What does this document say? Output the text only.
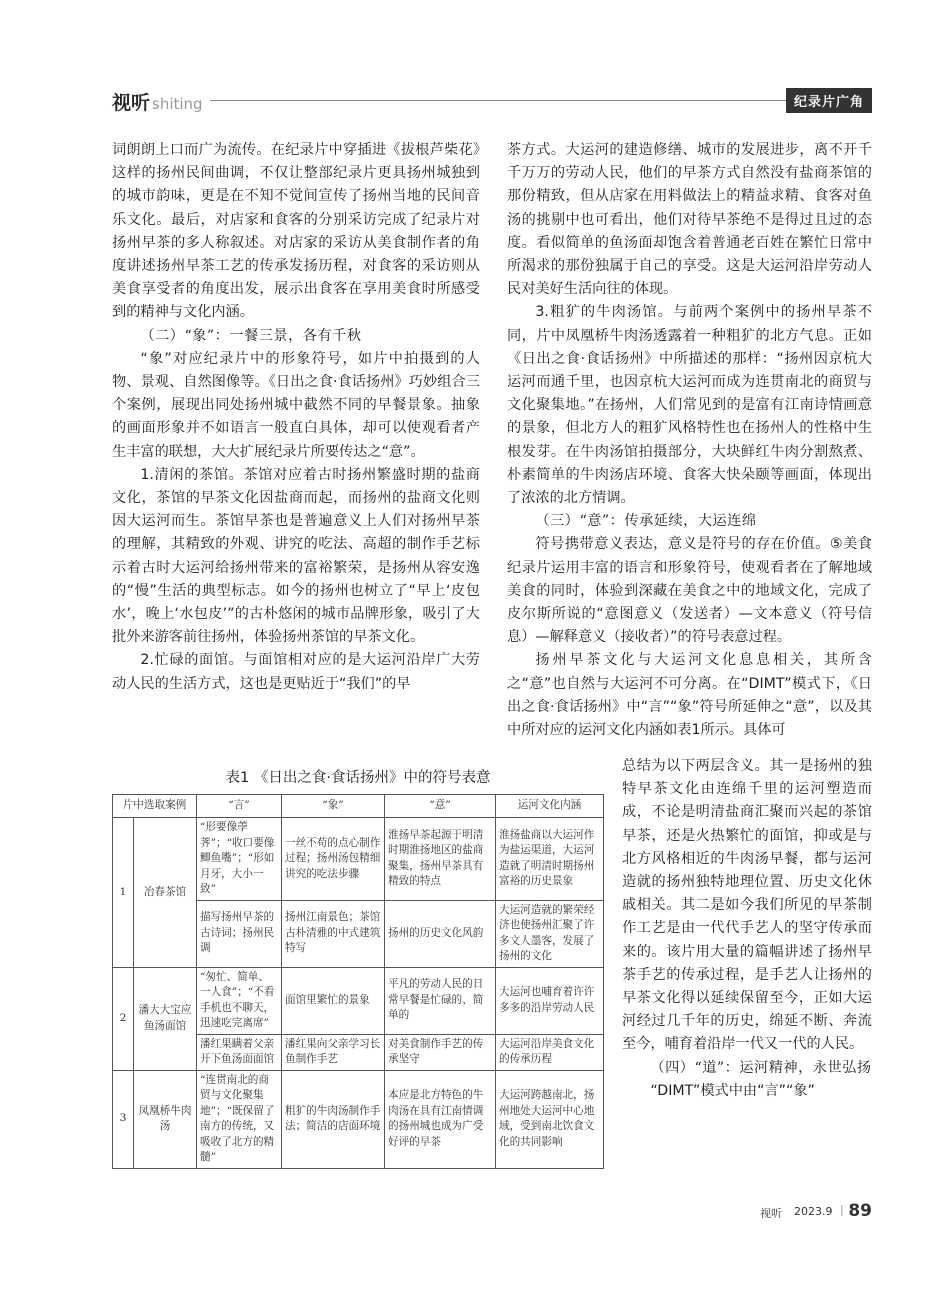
视听 shiting	纪录片广角

词朗朗上口而广为流传。在纪录片中穿插进《拔根芦柴花》这样的扬州民间曲调，不仅让整部纪录片更具扬州城独到的城市韵味，更是在不知不觉间宣传了扬州当地的民间音乐文化。最后，对店家和食客的分别采访完成了纪录片对扬州早茶的多人称叙述。对店家的采访从美食制作者的角度讲述扬州早茶工艺的传承发扬历程，对食客的采访则从美食享受者的角度出发，展示出食客在享用美食时所感受到的精神与文化内涵。

（二）“象”：一餐三景，各有千秋

“象”对应纪录片中的形象符号，如片中拍摄到的人物、景观、自然图像等。《日出之食·食话扬州》巧妙组合三个案例，展现出同处扬州城中截然不同的早餐景象。抽象的画面形象并不如语言一般直白具体，却可以使观看者产生丰富的联想，大大扩展纪录片所要传达之“意”。

1.清闲的茶馆。茶馆对应着古时扬州繁盛时期的盐商文化，茶馆的早茶文化因盐商而起，而扬州的盐商文化则因大运河而生。茶馆早茶也是普遍意义上人们对扬州早茶的理解，其精致的外观、讲究的吃法、高超的制作手艺标示着古时大运河给扬州带来的富裕繁荣，是扬州从容安逸的“慢”生活的典型标志。如今的扬州也树立了“早上‘皮包水’，晚上‘水包皮’”的古朴悠闲的城市品牌形象，吸引了大批外来游客前往扬州，体验扬州茶馆的早茶文化。

2.忙碌的面馆。与面馆相对应的是大运河沿岸广大劳动人民的生活方式，这也是更贴近于“我们”的早

茶方式。大运河的建造修缮、城市的发展进步，离不开千千万万的劳动人民，他们的早茶方式自然没有盐商茶馆的那份精致，但从店家在用料做法上的精益求精、食客对鱼汤的挑剔中也可看出，他们对待早茶绝不是得过且过的态度。看似简单的鱼汤面却饱含着普通老百姓在繁忙日常中所渴求的那份独属于自己的享受。这是大运河沿岸劳动人民对美好生活向往的体现。

3.粗犷的牛肉汤馆。与前两个案例中的扬州早茶不同，片中凤凰桥牛肉汤透露着一种粗犷的北方气息。正如《日出之食·食话扬州》中所描述的那样：“扬州因京杭大运河而通千里，也因京杭大运河而成为连贯南北的商贸与文化聚集地。”在扬州，人们常见到的是富有江南诗情画意的景象，但北方人的粗犷风格特性也在扬州人的性格中生根发芽。在牛肉汤馆拍摄部分，大块鲜红牛肉分割熬煮、朴素简单的牛肉汤店环境、食客大快朵颐等画面，体现出了浓浓的北方情调。

（三）“意”：传承延续，大运连绵

符号携带意义表达，意义是符号的存在价值。⑤美食纪录片运用丰富的语言和形象符号，使观看者在了解地域美食的同时，体验到深藏在美食之中的地域文化，完成了皮尔斯所说的“意图意义（发送者）—文本意义（符号信息）—解释意义（接收者）”的符号表意过程。

扬州早茶文化与大运河文化息息相关，其所含之“意”也自然与大运河不可分离。在“DIMT”模式下，《日出之食·食话扬州》中“言”“象”符号所延伸之“意”，以及其中所对应的运河文化内涵如表1所示。具体可

表1 《日出之食·食话扬州》中的符号表意
片中选取案例		“言”	“象”	“意”	运河文化内涵
1	冶春茶馆	“形要像荸荠”；“收口要像鲫鱼嘴”；“形如月牙，大小一致”	一丝不苟的点心制作过程；扬州汤包精细讲究的吃法步骤	淮扬早茶起源于明清时期淮扬地区的盐商聚集，扬州早茶具有精致的特点	淮扬盐商以大运河作为盐运渠道，大运河造就了明清时期扬州富裕的历史景象
		描写扬州早茶的古诗词；扬州民调	扬州江南景色；茶馆古朴清雅的中式建筑特写	扬州的历史文化风韵	大运河造就的繁荣经济也使扬州汇聚了许多文人墨客，发展了扬州的文化
2	潘大大宝应鱼汤面馆	“匆忙、简单、一人食”；“不看手机也不聊天，迅速吃完离席”	面馆里繁忙的景象	平凡的劳动人民的日常早餐是忙碌的、简单的	大运河也哺育着许许多多的沿岸劳动人民
		潘红果瞒着父亲开下鱼汤面面馆	潘红果向父亲学习长鱼制作手艺	对美食制作手艺的传承坚守	大运河沿岸美食文化的传承历程
3	凤凰桥牛肉汤	“连贯南北的商贸与文化聚集地”；“既保留了南方的传统，又吸收了北方的精髓”	粗犷的牛肉汤制作手法；简洁的店面环境	本应是北方特色的牛肉汤在具有江南情调的扬州城也成为广受好评的早茶	大运河跨越南北，扬州地处大运河中心地域，受到南北饮食文化的共同影响

总结为以下两层含义。其一是扬州的独特早茶文化由连绵千里的运河塑造而成，不论是明清盐商汇聚而兴起的茶馆早茶，还是火热繁忙的面馆，抑或是与北方风格相近的牛肉汤早餐，都与运河造就的扬州独特地理位置、历史文化休戚相关。其二是如今我们所见的早茶制作工艺是由一代代手艺人的坚守传承而来的。该片用大量的篇幅讲述了扬州早茶手艺的传承过程，是手艺人让扬州的早茶文化得以延续保留至今，正如大运河经过几千年的历史，绵延不断、奔流至今，哺育着沿岸一代又一代的人民。

（四）“道”：运河精神，永世弘扬

“DIMT”模式中由“言”“象”

视听 2023.9 | 89
